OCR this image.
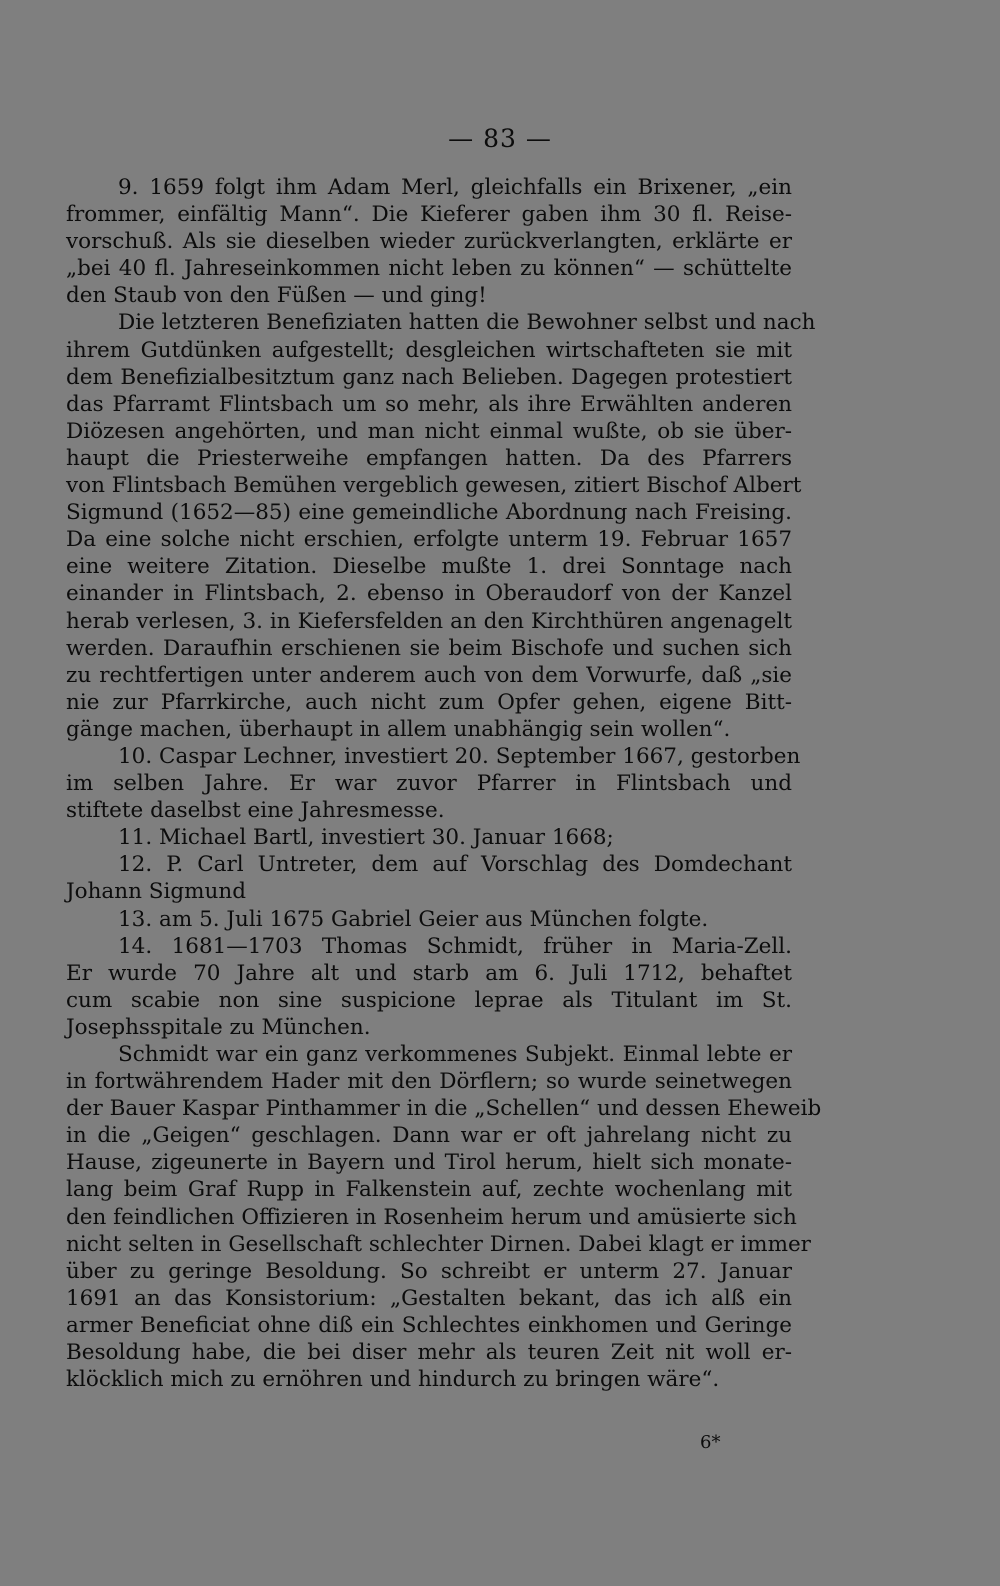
— 83 —
9. 1659 folgt ihm Adam Merl, gleichfalls ein Brixener, „ein
frommer, einfältig Mann“. Die Kieferer gaben ihm 30 fl. Reise-
vorschuß. Als sie dieselben wieder zurückverlangten, erklärte er
„bei 40 fl. Jahreseinkommen nicht leben zu können“ — schüttelte
den Staub von den Füßen — und ging!
Die letzteren Benefiziaten hatten die Bewohner selbst und nach
ihrem Gutdünken aufgestellt; desgleichen wirtschafteten sie mit
dem Benefizialbesitztum ganz nach Belieben. Dagegen protestiert
das Pfarramt Flintsbach um so mehr, als ihre Erwählten anderen
Diözesen angehörten, und man nicht einmal wußte, ob sie über-
haupt die Priesterweihe empfangen hatten. Da des Pfarrers
von Flintsbach Bemühen vergeblich gewesen, zitiert Bischof Albert
Sigmund (1652—85) eine gemeindliche Abordnung nach Freising.
Da eine solche nicht erschien, erfolgte unterm 19. Februar 1657
eine weitere Zitation. Dieselbe mußte 1. drei Sonntage nach
einander in Flintsbach, 2. ebenso in Oberaudorf von der Kanzel
herab verlesen, 3. in Kiefersfelden an den Kirchthüren angenagelt
werden. Daraufhin erschienen sie beim Bischofe und suchen sich
zu rechtfertigen unter anderem auch von dem Vorwurfe, daß „sie
nie zur Pfarrkirche, auch nicht zum Opfer gehen, eigene Bitt-
gänge machen, überhaupt in allem unabhängig sein wollen“.
10. Caspar Lechner, investiert 20. September 1667, gestorben
im selben Jahre. Er war zuvor Pfarrer in Flintsbach und
stiftete daselbst eine Jahresmesse.
11. Michael Bartl, investiert 30. Januar 1668;
12. P. Carl Untreter, dem auf Vorschlag des Domdechant
Johann Sigmund
13. am 5. Juli 1675 Gabriel Geier aus München folgte.
14. 1681—1703 Thomas Schmidt, früher in Maria-Zell.
Er wurde 70 Jahre alt und starb am 6. Juli 1712, behaftet
cum scabie non sine suspicione leprae als Titulant im St.
Josephsspitale zu München.
Schmidt war ein ganz verkommenes Subjekt. Einmal lebte er
in fortwährendem Hader mit den Dörflern; so wurde seinetwegen
der Bauer Kaspar Pinthammer in die „Schellen“ und dessen Eheweib
in die „Geigen“ geschlagen. Dann war er oft jahrelang nicht zu
Hause, zigeunerte in Bayern und Tirol herum, hielt sich monate-
lang beim Graf Rupp in Falkenstein auf, zechte wochenlang mit
den feindlichen Offizieren in Rosenheim herum und amüsierte sich
nicht selten in Gesellschaft schlechter Dirnen. Dabei klagt er immer
über zu geringe Besoldung. So schreibt er unterm 27. Januar
1691 an das Konsistorium: „Gestalten bekant, das ich alß ein
armer Beneficiat ohne diß ein Schlechtes einkhomen und Geringe
Besoldung habe, die bei diser mehr als teuren Zeit nit woll er-
klöcklich mich zu ernöhren und hindurch zu bringen wäre“.
6*
